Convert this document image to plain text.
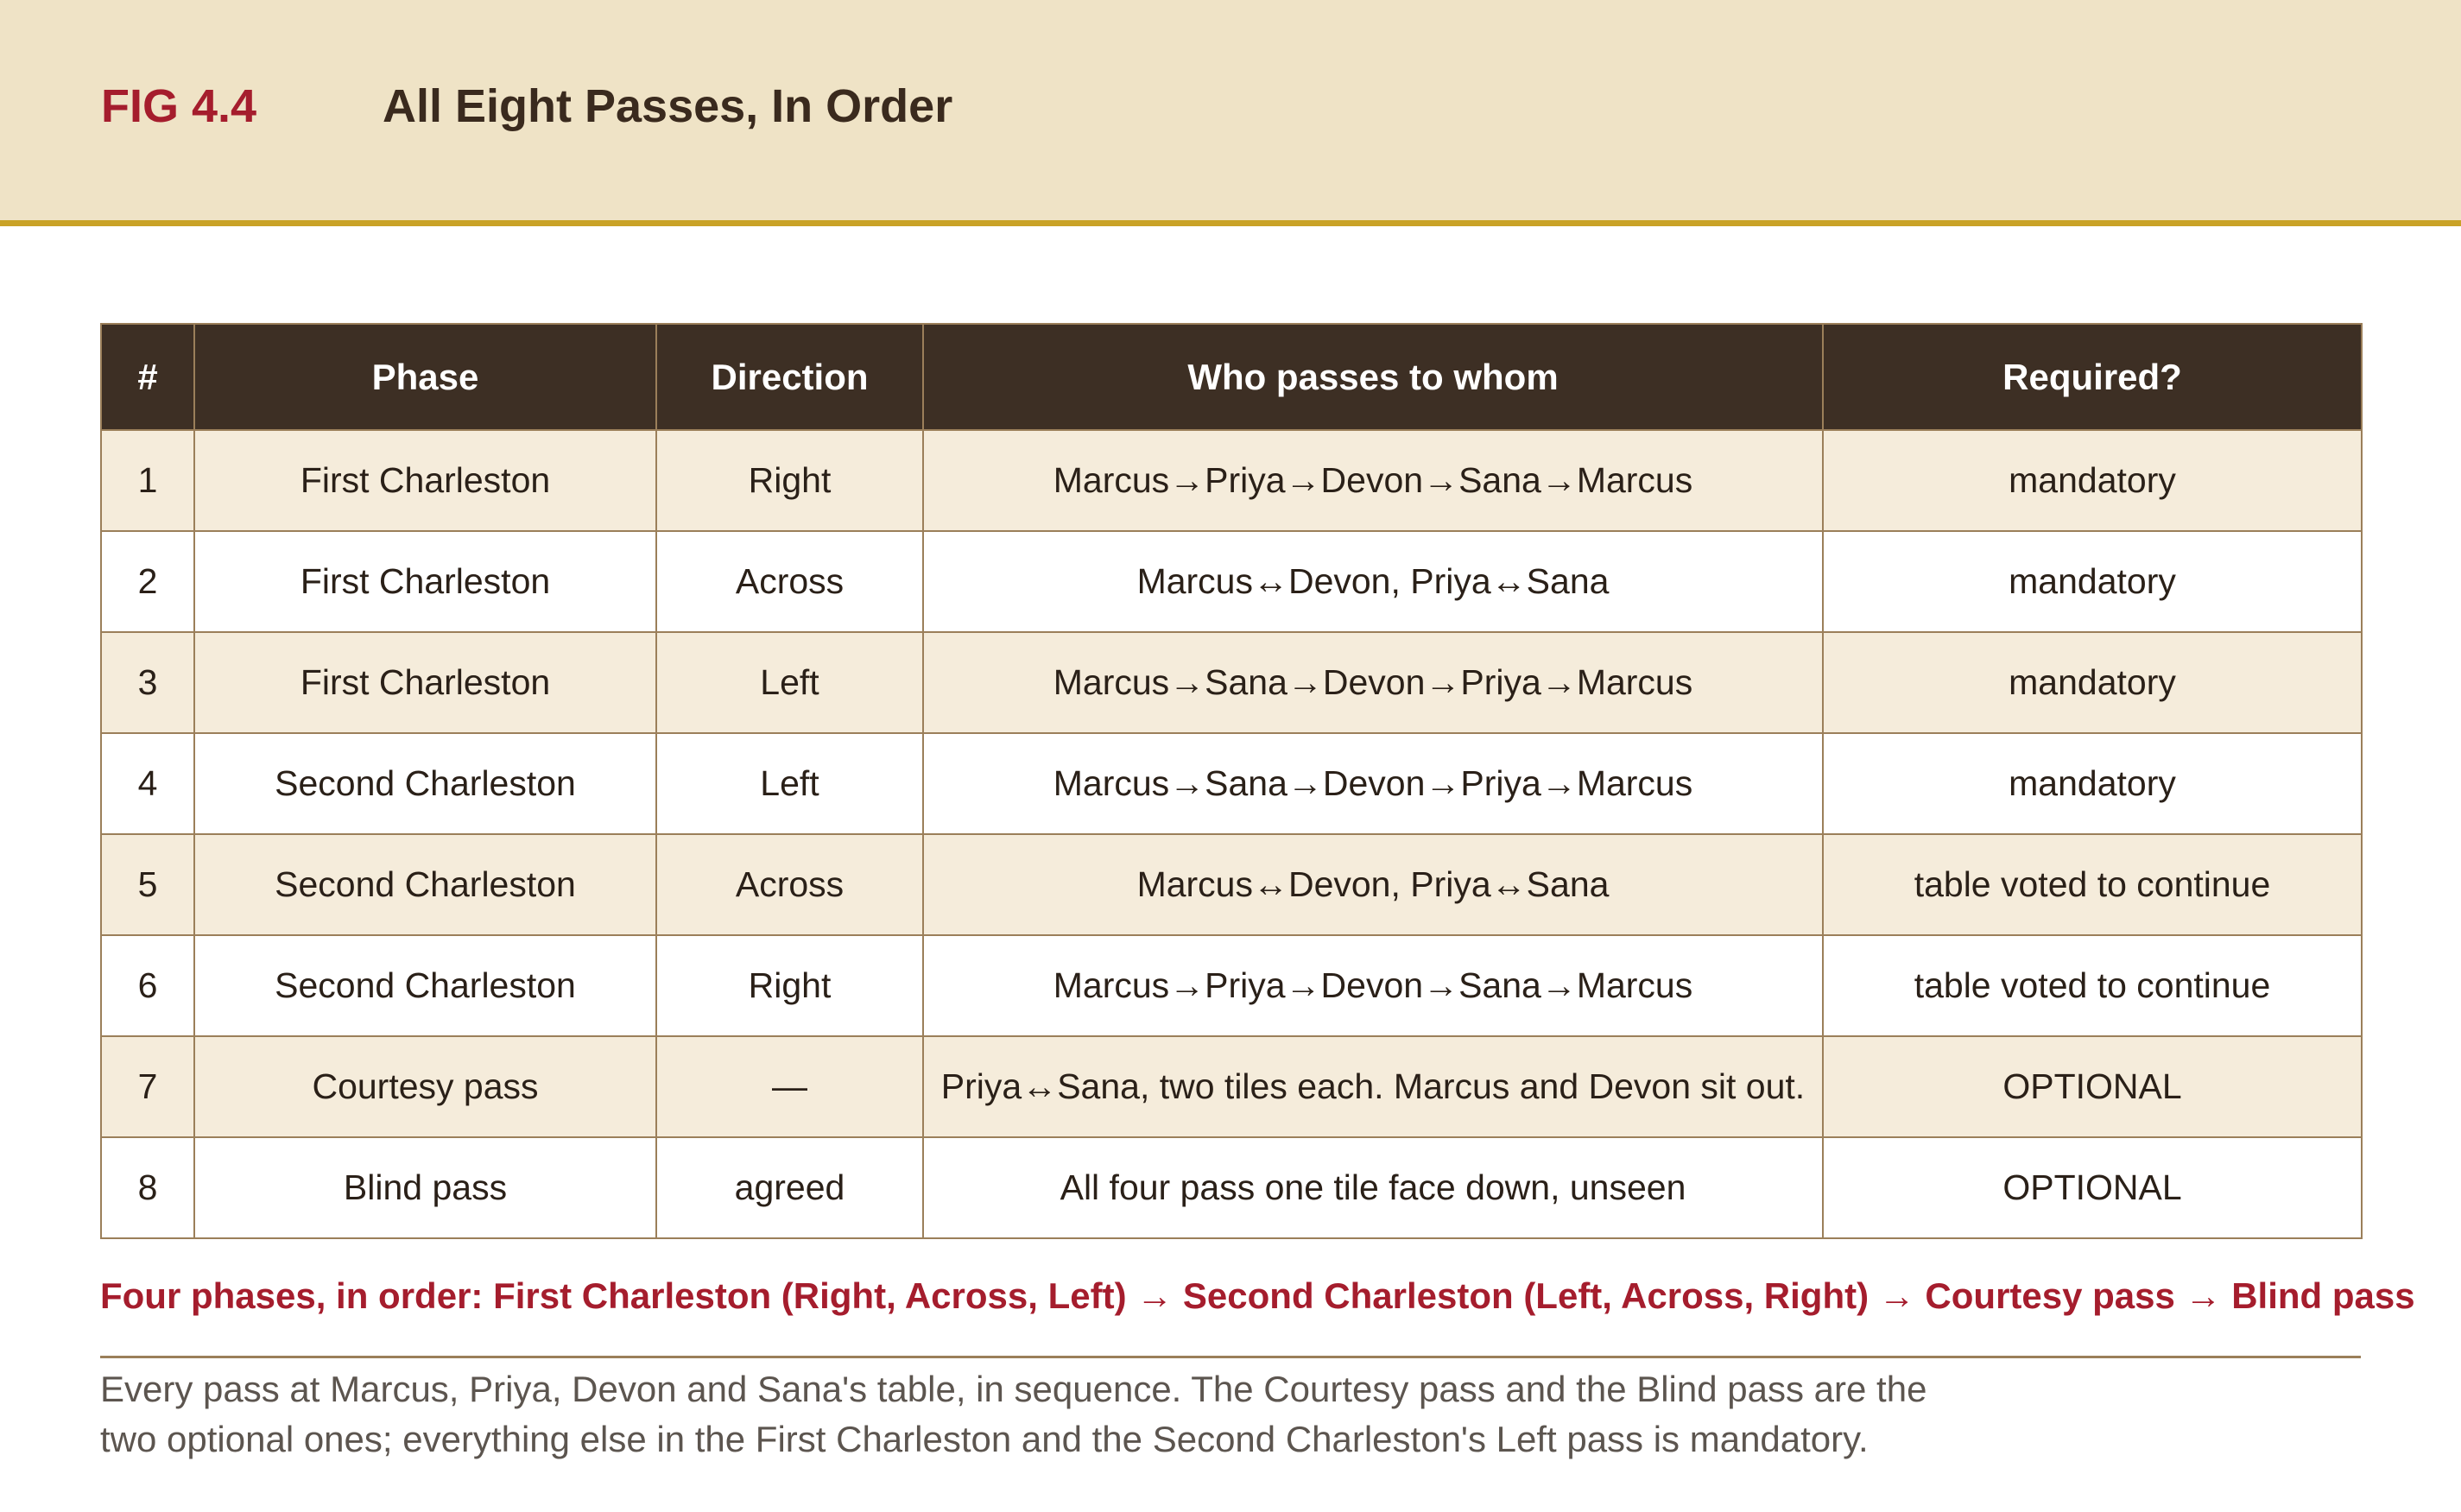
FIG 4.4	All Eight Passes, In Order
#	Phase	Direction	Who passes to whom	Required?
1	First Charleston	Right	Marcus→Priya→Devon→Sana→Marcus	mandatory
2	First Charleston	Across	Marcus↔Devon, Priya↔Sana	mandatory
3	First Charleston	Left	Marcus→Sana→Devon→Priya→Marcus	mandatory
4	Second Charleston	Left	Marcus→Sana→Devon→Priya→Marcus	mandatory
5	Second Charleston	Across	Marcus↔Devon, Priya↔Sana	table voted to continue
6	Second Charleston	Right	Marcus→Priya→Devon→Sana→Marcus	table voted to continue
7	Courtesy pass	—	Priya↔Sana, two tiles each. Marcus and Devon sit out.	OPTIONAL
8	Blind pass	agreed	All four pass one tile face down, unseen	OPTIONAL
Four phases, in order: First Charleston (Right, Across, Left) → Second Charleston (Left, Across, Right) → Courtesy pass → Blind pass
Every pass at Marcus, Priya, Devon and Sana's table, in sequence. The Courtesy pass and the Blind pass are the
two optional ones; everything else in the First Charleston and the Second Charleston's Left pass is mandatory.
